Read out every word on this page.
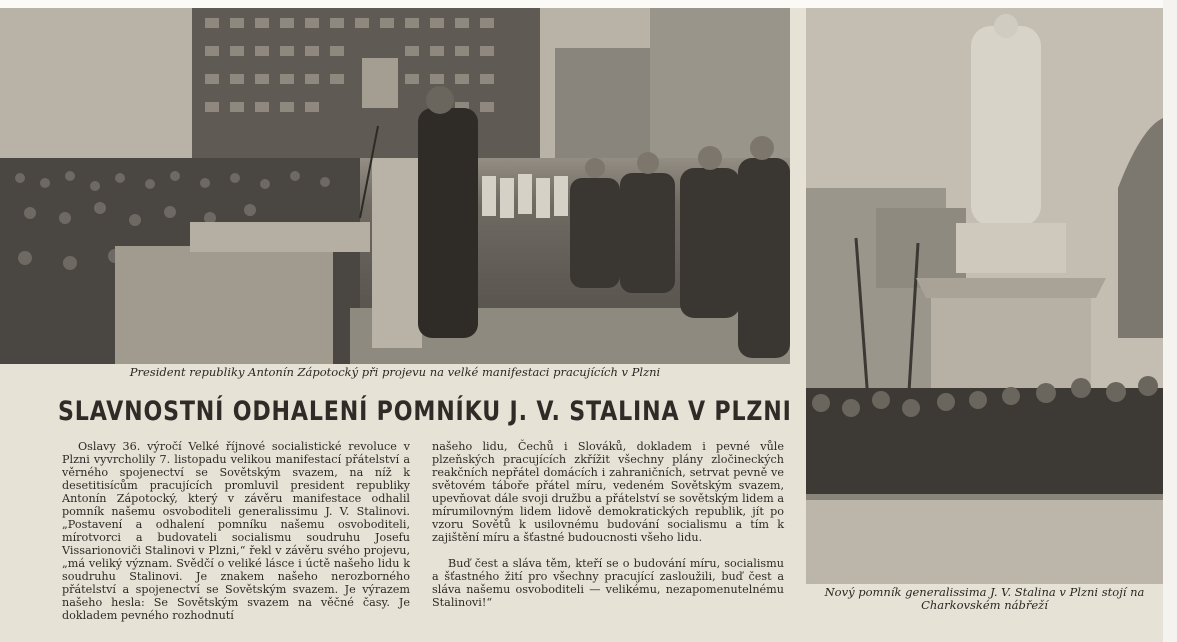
President republiky Antonín Zápotocký při projevu na velké manifestaci pracujících v Plzni
Nový pomník generalissima J. V. Stalina v Plzni stojí na
Charkovském nábřeží
SLAVNOSTNÍ ODHALENÍ POMNÍKU J. V. STALINA V PLZNI

Oslavy 36. výročí Velké říjnové socialistické revoluce v Plzni vyvrcholily 7. listopadu velikou manifestací přátelství a věrného spojenectví se Sovětským svazem, na níž k desetitisícům pracujících promluvil president republiky Antonín Zápotocký, který v závěru manifestace odhalil pomník našemu osvoboditeli generalissimu J. V. Stalinovi. „Postavení a odhalení pomníku našemu osvoboditeli, mírotvorci a budovateli socialismu soudruhu Josefu Vissarionoviči Stalinovi v Plzni,“ řekl v závěru svého projevu, „má veliký význam. Svědčí o veliké lásce i úctě našeho lidu k soudruhu Stalinovi. Je znakem našeho nerozborného přátelství a spojenectví se Sovětským svazem. Je výrazem našeho hesla: Se Sovětským svazem na věčné časy. Je dokladem pevného rozhodnutí

našeho lidu, Čechů i Slováků, dokladem i pevné vůle plzeňských pracujících zkřížit všechny plány zločineckých reakčních nepřátel domácích i zahraničních, setrvat pevně ve světovém táboře přátel míru, vedeném Sovětským svazem, upevňovat dále svoji družbu a přátelství se sovětským lidem a mírumilovným lidem lidově demokratických republik, jít po vzoru Sovětů k usilovnému budování socialismu a tím k zajištění míru a šťastné budoucnosti všeho lidu.

Buď čest a sláva těm, kteří se o budování míru, socialismu a šťastného žití pro všechny pracující zasloužili, buď čest a sláva našemu osvoboditeli — velikému, nezapomenutelnému Stalinovi!“
